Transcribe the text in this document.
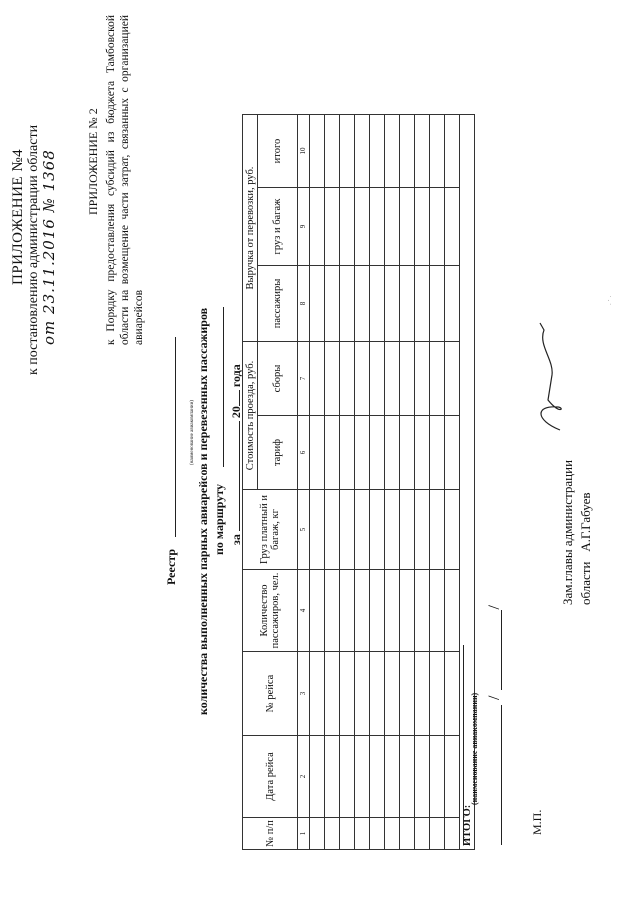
ПРИЛОЖЕНИЕ №4 к постановлению администрации области от 23.11.2016 № 1368 ПРИЛОЖЕНИЕ № 2 к Порядку предоставления субсидий из бюджета Тамбовской области на возмещение части затрат, связанных с организацией авиарейсов
Реестр
(наименование авиакомпании) количества выполненных парных авиарейсов и перевезенных пассажиров по маршруту за  20 года
№ п/п	Дата рейса	№ рейса	Количество пассажиров, чел.	Груз платный и багаж, кг	Стоимость проезда, руб.		Выручка от перевозки, руб.		
					тариф	сборы	пассажиры	груз и багаж	итого
1	2	3	4	5	6	7	8	9	10

ИТОГО:									
(наименование авиакомпании)
/        /
М.П.
Зам.главы администрации области   А.Г.Габуев
. · .
